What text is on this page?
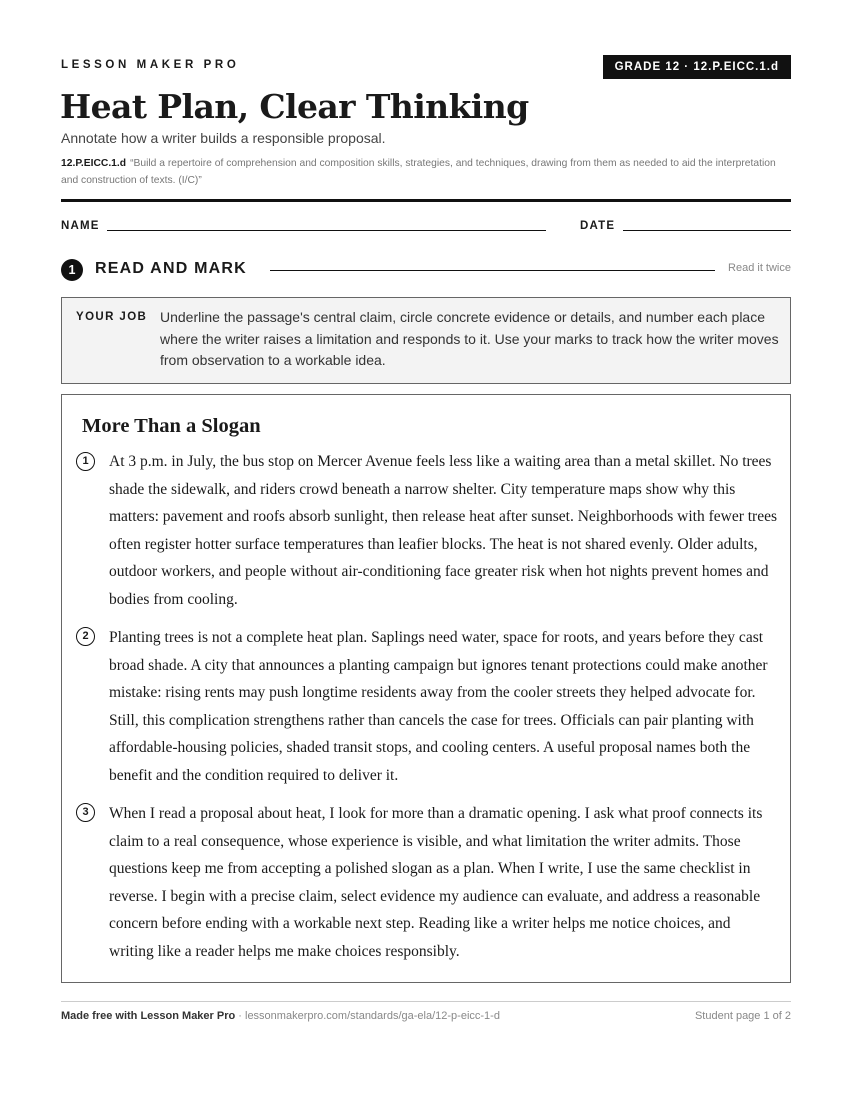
LESSON MAKER PRO	GRADE 12 · 12.P.EICC.1.d
Heat Plan, Clear Thinking
Annotate how a writer builds a responsible proposal.
12.P.EICC.1.d “Build a repertoire of comprehension and composition skills, strategies, and techniques, drawing from them as needed to aid the interpretation and construction of texts. (I/C)”
NAME	DATE
1	READ AND MARK	Read it twice
YOUR JOB Underline the passage's central claim, circle concrete evidence or details, and number each place where the writer raises a limitation and responds to it. Use your marks to track how the writer moves from observation to a workable idea.
More Than a Slogan
1	At 3 p.m. in July, the bus stop on Mercer Avenue feels less like a waiting area than a metal skillet. No trees shade the sidewalk, and riders crowd beneath a narrow shelter. City temperature maps show why this matters: pavement and roofs absorb sunlight, then release heat after sunset. Neighborhoods with fewer trees often register hotter surface temperatures than leafier blocks. The heat is not shared evenly. Older adults, outdoor workers, and people without air-conditioning face greater risk when hot nights prevent homes and bodies from cooling.
2	Planting trees is not a complete heat plan. Saplings need water, space for roots, and years before they cast broad shade. A city that announces a planting campaign but ignores tenant protections could make another mistake: rising rents may push longtime residents away from the cooler streets they helped advocate for. Still, this complication strengthens rather than cancels the case for trees. Officials can pair planting with affordable-housing policies, shaded transit stops, and cooling centers. A useful proposal names both the benefit and the condition required to deliver it.
3	When I read a proposal about heat, I look for more than a dramatic opening. I ask what proof connects its claim to a real consequence, whose experience is visible, and what limitation the writer admits. Those questions keep me from accepting a polished slogan as a plan. When I write, I use the same checklist in reverse. I begin with a precise claim, select evidence my audience can evaluate, and address a reasonable concern before ending with a workable next step. Reading like a writer helps me notice choices, and writing like a reader helps me make choices responsibly.
Made free with Lesson Maker Pro · lessonmakerpro.com/standards/ga-ela/12-p-eicc-1-d	Student page 1 of 2
